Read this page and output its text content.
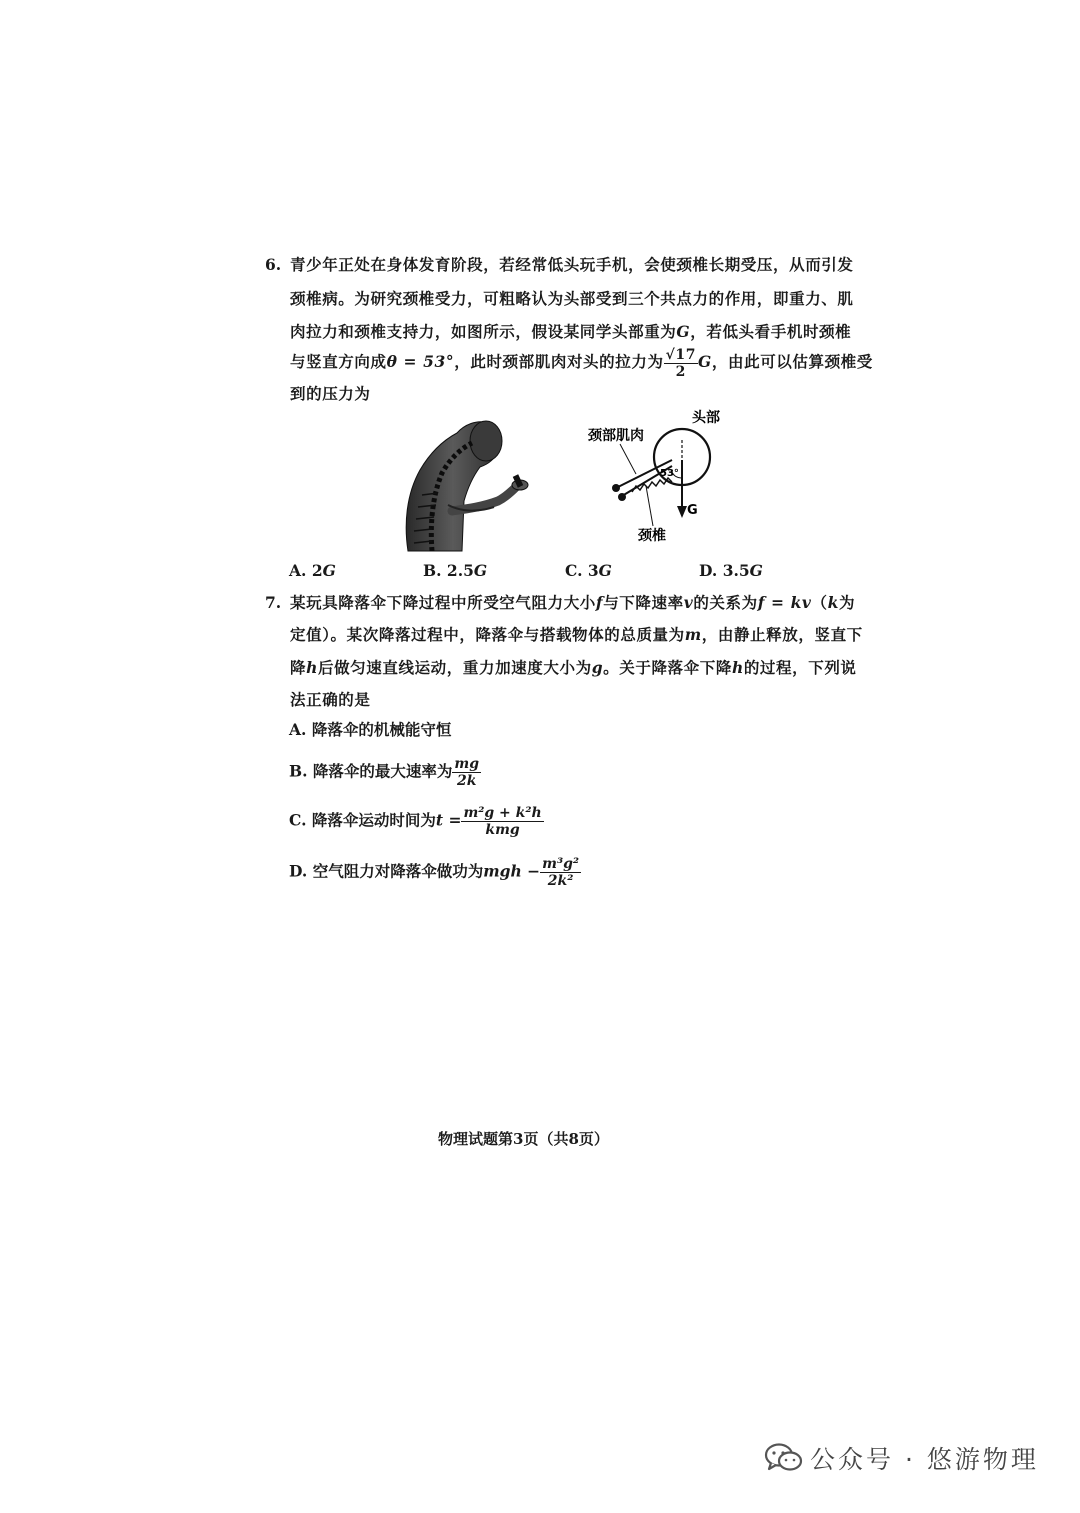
6. 青少年正处在身体发育阶段，若经常低头玩手机，会使颈椎长期受压，从而引发
颈椎病。为研究颈椎受力，可粗略认为头部受到三个共点力的作用，即重力、肌
肉拉力和颈椎支持力，如图所示，假设某同学头部重为G，若低头看手机时颈椎
与竖直方向成θ = 53°，此时颈部肌肉对头的拉力为 $\frac{√17}{2}$ G，由此可以估算颈椎受
到的压力为
头部
颈部肌肉
53°
G
颈椎
A. 2G	B. 2.5G	C. 3G	D. 3.5G
7. 某玩具降落伞下降过程中所受空气阻力大小f与下降速率v的关系为f = kv（k为
定值）。某次降落过程中，降落伞与搭载物体的总质量为m，由静止释放，竖直下
降h后做匀速直线运动，重力加速度大小为g。关于降落伞下降h的过程，下列说
法正确的是
A. 降落伞的机械能守恒
B. 降落伞的最大速率为 $\frac{mg}{2k}$
C. 降落伞运动时间为$t = \frac{\text{m²g + k²h}}{\text{kmg}}$
D. 空气阻力对降落伞做功为mgh − $\frac{\text{m³g²}}{\text{2k²}}$
物理试题第3页（共8页）
公众号 · 悠游物理
